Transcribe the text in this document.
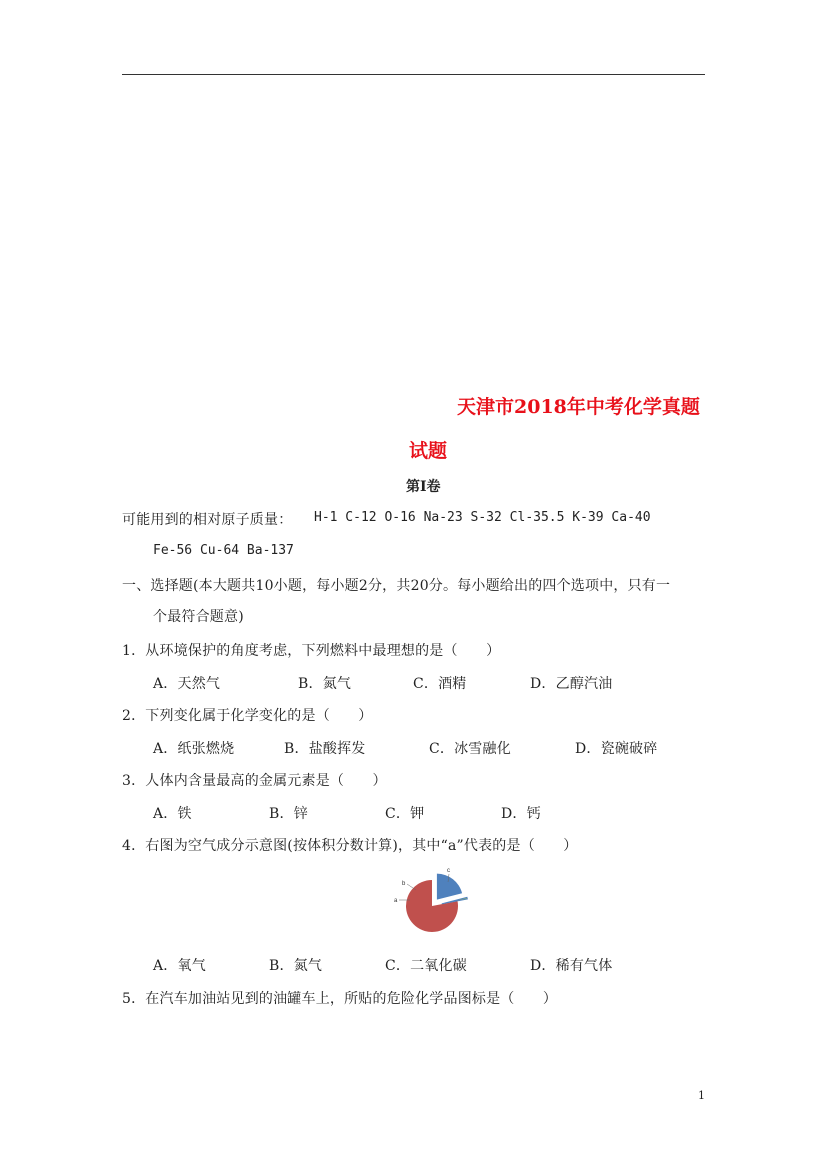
天津市2018年中考化学真题
试题
第Ⅰ卷
可能用到的相对原子质量： H-1 C-12 O-16 Na-23 S-32 Cl-35.5 K-39 Ca-40
Fe-56 Cu-64 Ba-137
一、选择题(本大题共10小题，每小题2分，共20分。每小题给出的四个选项中，只有一
个最符合题意)
1．从环境保护的角度考虑，下列燃料中最理想的是（　　）
A．天然气	B．氮气	C．酒精	D．乙醇汽油
2．下列变化属于化学变化的是（　　）
A．纸张燃烧	B．盐酸挥发	C．冰雪融化	D．瓷碗破碎
3．人体内含量最高的金属元素是（　　）
A．铁	B．锌	C．钾	D．钙
4．右图为空气成分示意图(按体积分数计算)，其中“a”代表的是（　　）
a
b
c
A．氧气	B．氮气	C．二氧化碳	D．稀有气体
5．在汽车加油站见到的油罐车上，所贴的危险化学品图标是（　　）
1
